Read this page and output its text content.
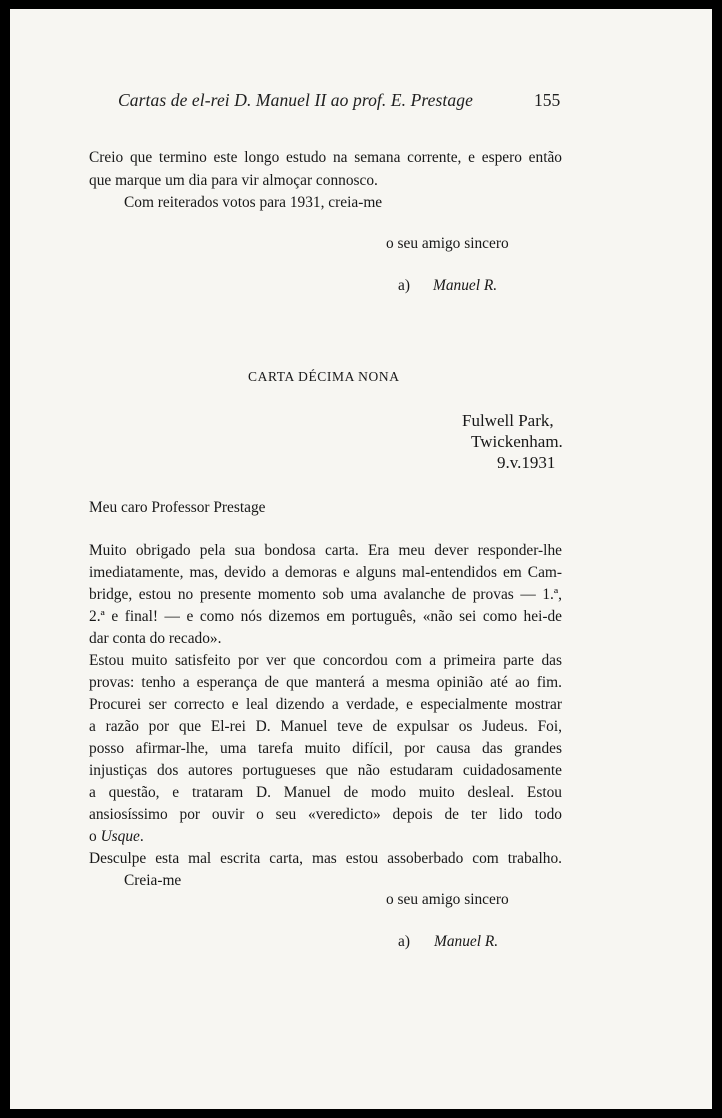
Cartas de el-rei D. Manuel II ao prof. E. Prestage	155
Creio que termino este longo estudo na semana corrente, e espero então
que marque um dia para vir almoçar connosco.
Com reiterados votos para 1931, creia-me
o seu amigo sincero
a) Manuel R.
CARTA DÉCIMA NONA
Fulwell Park,
Twickenham.
9.v.1931
Meu caro Professor Prestage
Muito obrigado pela sua bondosa carta. Era meu dever responder-lhe
imediatamente, mas, devido a demoras e alguns mal-entendidos em Cam-
bridge, estou no presente momento sob uma avalanche de provas — 1.ª,
2.ª e final! — e como nós dizemos em português, «não sei como hei-de
dar conta do recado».
Estou muito satisfeito por ver que concordou com a primeira parte das
provas: tenho a esperança de que manterá a mesma opinião até ao fim.
Procurei ser correcto e leal dizendo a verdade, e especialmente mostrar
a razão por que El-rei D. Manuel teve de expulsar os Judeus. Foi,
posso afirmar-lhe, uma tarefa muito difícil, por causa das grandes
injustiças dos autores portugueses que não estudaram cuidadosamente
a questão, e trataram D. Manuel de modo muito desleal. Estou
ansiosíssimo por ouvir o seu «veredicto» depois de ter lido todo
o Usque.
Desculpe esta mal escrita carta, mas estou assoberbado com trabalho.
Creia-me
o seu amigo sincero
a) Manuel R.
